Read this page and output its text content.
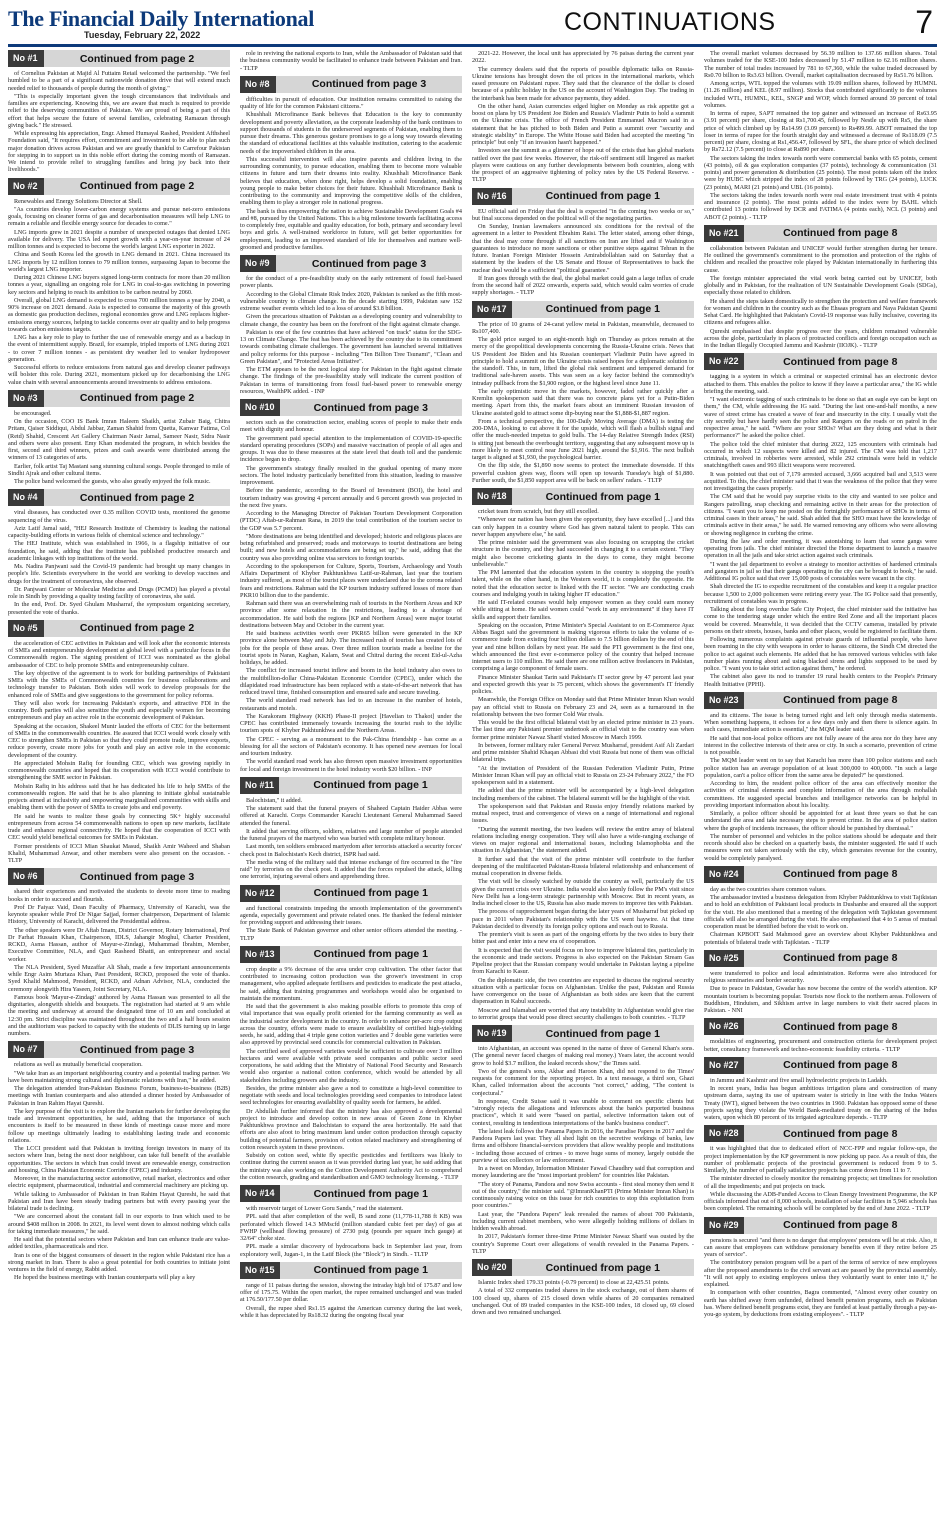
The Financial Daily International
Tuesday, February 22, 2022	CONTINUATIONS	7
No #1	Continued from page 2

of Cornelius Pakistan at Majid Al Futtaim Retail welcomed the partnership. "We feel humbled to be a part of a significant nationwide donation drive that will extend much needed relief to thousands of people during the month of giving."

"This is especially important given the tough circumstances that individuals and families are experiencing. Knowing this, we are aware that much is required to provide relief to the deserving communities of Pakistan. We are proud of being a part of this effort that helps secure the future of several families, celebrating Ramazan through giving back." He stressed.

While expressing his appreciation, Engr. Ahmed Humayal Rashed, President Afthsheel Foundation said, "It requires effort, commitment and investment to be able to plan such major donation drives across Pakistan and we are greatly thankful to Carrefour Pakistan for stepping in to support us in this noble effort during the coming month of Ramazan. We intend to provide relief to struggling families and bring joy back into their livelihoods."

No #2	Continued from page 2

Renewables and Energy Solutions Director at Shell.

"As countries develop lower-carbon energy systems and pursue net-zero emissions goals, focusing on cleaner forms of gas and decarbonisation measures will help LNG to remain a reliable and flexible energy source for decades to come."

LNG imports grew in 2021 despite a number of unexpected outages that denied LNG available for delivery. The USA led export growth with a year-on-year increase of 24 million tonnes and is expected to become the world's largest LNG exporter in 2022.

China and South Korea led the growth in LNG demand in 2021. China increased its LNG imports by 12 million tonnes to 79 million tonnes, surpassing Japan to become the world's largest LNG importer.

During 2021 Chinese LNG buyers signed long-term contracts for more than 20 million tonnes a year, signalling an ongoing role for LNG in coal-to-gas switching in powering key sectors and helping to reach its ambition to be carbon neutral by 2060.

Overall, global LNG demand is expected to cross 700 million tonnes a year by 2040, a 90% increase on 2021 demand. Asia is expected to consume the majority of this growth as domestic gas production declines, regional economies grow and LNG replaces higher-emissions energy sources, helping to tackle concerns over air quality and to help progress towards carbon emissions targets.

LNG has a key role to play to further the use of renewable energy and as a backup in the event of intermittent supply. Brazil, for example, tripled imports of LNG during 2021 - to cover 7 million tonnes - as persistent dry weather led to weaker hydropower generation.

Successful efforts to reduce emissions from natural gas and develop cleaner pathways will bolster this role. During 2021, momentum picked up for decarbonising the LNG value chain with several announcements around investments to address emissions.

No #3	Continued from page 2

be encouraged.

On the occasion, COO IS Bank Imran Haleem Shaikh, artist Zubair Baig, Chitra Pritam, Qaiser Siddiqui, Abdul Jabbar, Zaman Shahid from Quetta, Kanwar Fatima, Col (Retd) Shahid, Crescent Art Gallery Chairman Nasir Jamal, Sameer Nasir, Sidra Nasir and others were also present. Emy Khan moderated the program, in which besides the first, second and third winners, prizes and cash awards were distributed among the winners of 13 categories of arts.

Earlier, folk artist Taj Mastani sang stunning cultural songs. People thronged to mile of Sindhi Ajrak and other cultural items.

The police band welcomed the guests, who also greatly enjoyed the folk music.

No #4	Continued from page 2

viral diseases, has conducted over 0.35 million COVID tests, monitored the genome sequencing of the virus.

Aziz Latif Jamal said, "HEJ Research Institute of Chemistry is leading the national capacity-building efforts in various fields of chemical science and technology."

The HEJ Institute, which was established in 1966, is a flagship initiative of our foundation, he said, adding that the institute has published productive research and academic linkages with top institutions of the world.

Ms. Nadira Panjwani said the Covid-19 pandemic had brought up many changes in people's life. Scientists everywhere in the world are working to develop vaccines and drugs for the treatment of coronavirus, she observed.

Dr. Panjwani Center or Molecular Medicine and Drugs (PCMD) has played a pivotal role in Sindh by providing a quality testing facility of coronavirus, she said.

In the end, Prof. Dr. Syed Ghulam Musharraf, the symposium organizing secretary, presented the vote of thanks.

No #5	Continued from page 2

the acceleration of CEC activities in Pakistan and will look after the economic interests of SMEs and entrepreneurship development at global level with a particular focus in the Commonwealth region. The signing president of ICCI was nominated as the global ambassador of CEC to help promote SMEs and entrepreneurship culture.

The key objective of the agreement is to work for building partnerships of Pakistani SMEs with the SMEs of Commonwealth countries for business collaborations and technology transfer to Pakistan. Both sides will work to develop proposals for the enhanced role of SMEs and give suggestions to the government for policy reforms.

They will also work for increasing Pakistan's exports, and attractive FDI in the country. Both parties will also sensitize the youth and especially women for becoming entrepreneurs and play an active role in the economic development of Pakistan.

Speaking at the occasion, Shakeel Munir lauded the efforts of CEC for the betterment of SMEs in the commonwealth countries. He assured that ICCI would work closely with CEC to strengthen SMEs in Pakistan so that they could promote trade, improve exports, reduce poverty, create more jobs for youth and play an active role in the economic development of the country.

He appreciated Mohsin Rafiq for founding CEC, which was growing rapidly in commonwealth countries and hoped that its cooperation with ICCI would contribute to strengthening the SME sector in Pakistan.

Mohsin Rafiq in his address said that he has dedicated his life to help SMEs of the commonwealth region. He said that he is also planning to initiate global sustainable projects aimed at inclusivity and empowering marginalized communities with skills and enabling them with the power of SMEs to create jobs and end poverty.

He said he wants to realize these goals by connecting 5K+ highly successful entrepreneurs from across 54 commonwealth nations to open up new markets, facilitate trade and enhance regional connectivity. He hoped that the cooperation of ICCI with CEC would yield beneficial outcomes for SMEs in Pakistan.

Former presidents of ICCI Mian Shaukat Masud, Shaikh Amir Waheed and Shaban Khalid, Muhammad Anwar, and other members were also present on the occasion. - TLTP

No #6	Continued from page 3

shared their experiences and motivated the students to devote more time to reading books in order to succeed and flourish.

Prof Dr Faiyaz Vaid, Dean Faculty of Pharmacy, University of Karachi, was the keynote speaker while Prof Dr Nigar Sajjad, former chairperson, Department of Islamic History, University of Karachi, delivered the Presidential address.

The other speakers were Dr Aftab Imam, District Governor, Rotary International, Prof Dr Farhat Hussain Khan, Chairperson, IDLS, Jahangir Moghul, Charter President, RCKD, Asma Hassan, author of Mayur-e-Zindagi, Muhammad Ibrahim, Member, Executive Committee, NLA, and Qazi Rasheed Bhatti, an entrepreneur and social worker.

The NLA President, Syed Muzaffar Ali Shah, made a few important announcements while Engr Asim Murtaza Khan, Past President, RCKD, proposed the vote of thanks. Syed Khalid Mahmood, President, RCKD, and Adnan Advisor, NLA, conducted the ceremony alongwith Hira Yaseen, Joint Secretary, NLA.

Famous book 'Mayur-e-Zindagi' authored by Asma Hassan was presented to all the dignitaries, alongwith shields and bouquets. The registration had started at 9 am while the meeting and underway at around the designated time of 10 am and concluded at 12:30 pm. Strict discipline was maintained throughout the two and a half hours session and the auditorium was packed to capacity with the students of DLIS turning up in large numbers.

No #7	Continued from page 3

relations as well as mutually beneficial cooperation.

"We take Iran as an important neighbouring country and a potential trading partner. We have been maintaining strong cultural and diplomatic relations with Iran," he added.

The delegation attended Iran-Pakistan Business Forum, business-to-business (B2B) meetings with Iranian counterparts and also attended a dinner hosted by Ambassador of Pakistan in Iran Rahim Hayat Qureshi.

The key purpose of the visit is to explore the Iranian markets for further developing the trade and investment opportunities, he said, adding that the importance of such encounters is itself to be measured in these kinds of meetings cause more and more follow up meetings ultimately leading to establishing lasting trade and economic relations.

The LCCI president said that Pakistan is inviting foreign investors in many of its sectors where Iran, being the next door neighbour, can take full benefit of the available opportunities. The sectors in which Iran could invest are renewable energy, construction and housing, China Pakistan Economic Corridor (CPEC) and industry.

Moreover, in the manufacturing sector automotive, retail market, electronics and other electric equipment, pharmaceutical, industrial and commercial machinery are picking up.

While talking to Ambassador of Pakistan in Iran Rahim Hayat Qureshi, he said that Pakistan and Iran have been steady trading partners but with every passing year the bilateral trade is declining.

"We are concerned about the constant fall in our exports to Iran which used to be around $408 million in 2008. In 2021, its level went down to almost nothing which calls for taking immediate measures," he said.

He said that the potential sectors where Pakistan and Iran can enhance trade are value-added textiles, pharmaceuticals and rice.

Iran is one of the biggest consumers of dessert in the region while Pakistani rice has a strong market in Iran. There is also a great potential for both countries to initiate joint ventures in the field of energy, Rabbi added.

He hoped the business meetings with Iranian counterparts will play a key

role in reviving the national exports to Iran, while the Ambassador of Pakistan said that the business community would be facilitated to enhance trade between Pakistan and Iran. - TLTP

No #8	Continued from page 3

difficulties in pursuit of education. Our institution remains committed to raising the quality of life for the common Pakistani citizens."

Khushhali Microfinance Bank believes that Education is the key to community development and poverty alleviation, as the corporate leadership of the bank continues to support thousands of students in the underserved segments of Pakistan, enabling them to pursue their dreams. This generous gesture promises to go a long way towards elevating the standard of educational facilities at this valuable institution, catering to the academic needs of the impoverished children in the area.

This successful intervention will also inspire parents and children living in the surrounding community, to pursue education, enabling them to become more valuable citizens in future and turn their dreams into reality. Khushhali Microfinance Bank believes that education, when done right, helps develop a solid foundation, enabling young people to make better choices for their future. Khushhali Microfinance Bank is contributing to the community and improving the competitive skills of the children, enabling them to play a stronger role in national progress.

The bank is thus empowering the nation to achieve Sustainable Development Goals #4 and #8, pursued by the United Nations. This is a big milestone towards facilitating access to completely free, equitable and quality education, for both, primary and secondary level boys and girls. A well-trained workforce in future, will get better opportunities for employment, leading to an improved standard of life for themselves and nurture well-groomed and productive families.

No #9	Continued from page 3

for the conduct of a pre-feasibility study on the early retirement of fossil fuel-based power plants.

According to the Global Climate Risk Index 2020, Pakistan is ranked as the fifth most-vulnerable country to climate change. In the decade starting 1999, Pakistan saw 152 extreme weather events which led to a loss of around $3.8 billion.

Given the precarious situation of Pakistan as a developing country and vulnerability to climate change, the country has been on the forefront of the fight against climate change.

Pakistan is one of the few countries that have achieved "on track" status for the SDG-13 on Climate Change. The feat has been achieved by the country due to its commitment towards combating climate challenges. The government has launched several initiatives and policy reforms for this purpose - including "Ten Billion Tree Tsunami", "Clean and Green Pakistan", and "Protected Areas Initiative".

The ETM appears to be the next logical step for Pakistan in the fight against climate change. The findings of the pre-feasibility study will indicate the current position of Pakistan in terms of transitioning from fossil fuel-based power to renewable energy resources, WealthPK added. - INP

No #10	Continued from page 3

sectors such as the construction sector, enabling scores of people to make their ends meet with dignity and honour.

The government paid special attention to the implementation of COVID-19-specific standard operating procedures (SOPs) and massive vaccination of people of all ages and groups. It was due to these measures at the state level that death toll and the pandemic incidence began to drop.

The government's strategy finally resulted in the gradual opening of many more sectors. The hotel industry particularly benefitted from this situation, leading to massive improvement.

Before the pandemic, according to the Board of Investment (BOI), the hotel and tourism industry was growing 4 percent annually and 6 percent growth was projected in the next five years.

According to the Managing Director of Pakistan Tourism Development Corporation (PTDC) Aftab-ur-Rahman Rana, in 2019 the total contribution of the tourism sector to the GDP was 5.7 percent.

"More destinations are being identified and developed; historic and religious places are being refurbished and preserved; roads and motorways to tourist destinations are being built; and new hotels and accommodations are being set up," he said, adding that the country was also providing online visa services to foreign tourists.

According to the spokesperson for Culture, Sports, Tourism, Archaeology and Youth Affairs Department of Khyber Pakhtunkhwa Latif-ur-Rahman, last year the tourism industry suffered, as most of the tourist places were undeclared due to the corona related fears and restrictions. Rahman said the KP tourism industry suffered losses of more than PKR10 billion due to the pandemic.

Rahman said there was an overwhelming rush of tourists in the Northern Areas and KP province after some relaxation in the restrictions, leading to a shortage of accommodation. He said both the regions [KP and Northern Areas] were major tourist destinations between May and October in the current year.

He said business activities worth over PKR65 billion were generated in the KP province alone between May and July. The increased rush of tourists has created lots of jobs for the people of these areas. Over three million tourists made a beeline for the tourist spots in Naran, Kaghan, Kalam, Swat and Chitral during the recent Eid-ul-Azha holidays, he added.

The conflict for increased tourist inflow and boom in the hotel industry also owes to the multibillion-dollar China-Pakistan Economic Corridor (CPEC), under which the dilapidated road infrastructure has been replaced with a state-of-the-art network that has reduced travel time, finished consumption and ensured safe and secure traveling.

The world standard road network has led to an increase in the number of hotels, restaurants and motels.

The Karakoram Highway (KKH) Phase-II project [Havelian to Thakot] under the CPEC has contributed immensely towards increasing the tourist rush to the idyllic tourism spots of Khyber Pakhtunkhwa and the Northern Areas.

The CPEC - serving as a monument to the Pak-China friendship - has come as a blessing for all the sectors of Pakistan's economy. It has opened new avenues for local and tourism industry.

The world standard road work has also thrown open massive investment opportunities for local and foreign investment in the hotel industry worth $20 billion. - INP

No #11	Continued from page 1

Balochistan," it added.

The statement said that the funeral prayers of Shaheed Captain Haider Abbas were offered at Karachi. Corps Commander Karachi Lieutenant General Muhammad Saeed attended the funeral.

It added that serving officers, soldiers, relatives and large number of people attended the funeral prayers of the martyred who was buried with complete military honour.

Last month, ten soldiers embraced martyrdom after terrorists attacked a security forces' check post in Balochistan's Kech district, ISPR had said.

The media wing of the military said that intense exchange of fire occurred in the "fire raid" by terrorists on the check post. It added that the forces repulsed the attack, killing one terrorist, injuring several others and apprehending three.

No #12	Continued from page 1

and functional constraints impeding the smooth implementation of the government's agenda, especially government and private related ones. He thanked the federal minister for providing support and addressing their issues.

The State Bank of Pakistan governor and other senior officers attended the meeting. - TLTP

No #13	Continued from page 1

crop despite a 9% decrease of the area under crop cultivation. The other factor that contributed to increasing cotton production was the grower's investment in crop management, who applied adequate fertilisers and pesticides to eradicate the pest attacks, he said, adding that training programmes and workshops would also be organised to maintain the momentum.

He said that the government is also making possible efforts to promote this crop of vital importance that was equally profit oriented for the farming community as well as the industrial sector development in the country. In order to enhance per-acre crop output across the country, efforts were made to ensure availability of certified high-yielding seeds, he said, adding that 4 triple gene cotton varieties and 7 double gene varieties were also approved by provincial seed councils for commercial cultivation in Pakistan.

The certified seed of approved varieties would be sufficient to cultivate over 3 million hectares and were available with private seed companies and public sector seed corporations, he said adding that the Ministry of National Food Security and Research would also organise a national cotton conference, which would be attended by all stakeholders including growers and the industry.

Besides, the prime minister also gave a nod to constitute a high-level committee to negotiate with seeds and local technologies providing seed companies to introduce latest seed technologies for ensuring availability of quality seeds for farmers, he added.

Dr Abdullah further informed that the ministry has also approved a developmental project to introduce and develop cotton in new areas of Green Zone in Khyber Pakhtunkhwa province and Balochistan to expand the area horizontally. He said that efforts are also afoot to bring maximum land under cotton production through capacity building of potential farmers, provision of cotton related machinery and strengthening of cotton research system in these provinces.

Subsidy on cotton seed, white fly specific pesticides and fertilizers was likely to continue during the current season as it was provided during last year, he said adding that the ministry was also working on the Cotton Development Authority Act to comprehend the cotton research, grading and standardisation and GMO technology licensing. - TLTP

No #14	Continued from page 1

with reservoir target of Lower Goru Sands," read the statement.

PPL said that after completion of the well, B sand zone (11,778-11,788 ft KB) was perforated which flowed 14.3 MMscfd (million standard cubic feet per day) of gas at FWHP (wellhead flowing pressure) of 2730 psig (pounds per square inch gauge) at 32/64" choke size.

PPL made a similar discovery of hydrocarbons back in September last year, from exploratory well, Jugan-1, in the Latif Block (the "Block") in Sindh. - TLTP

No #15	Continued from page 1

range of 11 paisas during the session, showing the intraday high bid of 175.87 and low offer of 175.75. Within the open market, the rupee remained unchanged and was traded at 176.50/177.50 per dollar.

Overall, the rupee shed Rs1.15 against the American currency during the last week, while it has depreciated by Rs18.32 during the ongoing fiscal year

2021-22. However, the local unit has appreciated by 76 paisas during the current year 2022.

The currency dealers said that the reports of possible diplomatic talks on Russia-Ukraine tensions has brought down the oil prices in the international markets, which eased pressure on Pakistani rupee. They said that the clearance of the dollar is closed because of a public holiday in the US on the account of Washington Day. The trading in the interbank has been made for advance payments, they added.

On the other hand, Asian currencies edged higher on Monday as risk appetite got a boost on plans by US President Joe Biden and Russia's Vladimir Putin to hold a summit on the Ukraine crisis. The office of French President Emmanuel Macron said in a statement that he has pitched to both Biden and Putin a summit over "security and strategic stability" in Europe. The White House said Biden had accepted the meeting "in principle" but only "if an invasion hasn't happened."

Investors see the summit as a glimmer of hope out of the crisis that has global markets rattled over the past few weeks. However, the risk-off sentiment still lingered as market players were cautious on any further developments between both countries, along with the prospect of an aggressive tightening of policy rates by the US Federal Reserve. - TLTP

No #16	Continued from page 1

EU official said on Friday that the deal is expected "in the coming two weeks or so," but final success depended on the political will of the negotiating parties.

On Sunday, Iranian lawmakers announced six conditions for the revival of the agreement in a letter to President Ebrahim Raisi. The letter stated, among other things, that the deal may come through if all sanctions on Iran are lifted and if Washington guarantees to introduce no more sanctions or other punitive steps against Tehran in the future. Iranian Foreign Minister Hossein Amirabdollahian said on Saturday that a statement by the leaders of the US Senate and House of Representatives to back the nuclear deal would be a sufficient "political guarantee."

If Iran goes through with the deal, the global market could gain a large influx of crude from the second half of 2022 onwards, experts said, which would calm worries of crude supply shortages. - TLTP

No #17	Continued from page 1

The price of 10 grams of 24-carat yellow metal in Pakistan, meanwhile, decreased to Rs107,400.

The gold price surged to an eight-month high on Thursday as prices remain at the mercy of the geopolitical developments concerning the Russia-Ukraine crisis. News that US President Joe Biden and his Russian counterpart Vladimir Putin have agreed in principle to hold a summit on the Ukraine crisis raised hopes for a diplomatic solution to the standoff. This, in turn, lifted the global risk sentiment and tempered demand for traditional safe-haven assets. This was seen as a key factor behind the commodity's intraday pullback from the $1,900 region, or the highest level since June 11.

The early optimistic move in the markets, however, faded rather quickly after a Kremlin spokesperson said that there was no concrete plans yet for a Putin-Biden meeting. Apart from this, the market fears about an imminent Russian invasion of Ukraine assisted gold to attract some dip-buying near the $1,888-$1,887 region.

From a technical perspective, the 100-Daily Moving Average (DMA) is testing the 200-DMA, looking to cut above it for the upside, which will flash a bullish signal and offer the much-needed impetus to gold bulls. The 14-day Relative Strength Index (RSI) is sitting just beneath the overbought territory, suggesting that any subsequent move up is more likely to meet control near June 2021 high, around the $1,916. The next bullish target is aligned at $1,930, the psychological barrier.

On the flip side, the $1,890 now seems to protect the immediate downside. If this powerful cushion gives way, floors will open up towards Tuesday's high of $1,880. Further south, the $1,850 support area will be back on sellers' radars. - TLTP

No #18	Continued from page 1

cricket team from scratch, but they still excelled.

"Whenever our nation has been given the opportunity, they have excelled [...] and this can only happen in a country where God has given natural talent to people. This can never happen anywhere else," he said.

The prime minister said the government was also focusing on scrapping the cricket structure in the country, and they had succeeded in changing it to a certain extent. "They might also become cricketing giants in the days to come, they might become unbelievable."

The PM lamented that the education system in the country is stopping the youth's talent, while on the other hand, in the Western world, it is completely the opposite. He noted that the education sector is linked with the IT sector. "We are conducting crash courses and indulging youth in taking higher IT education."

He said IT-related courses would help empower women as they could earn money while sitting at home. He said women could "work in any environment" if they have IT skills and support their families.

Speaking on the occasion, Prime Minister's Special Assistant to on E-Commerce Ayaz Abbas Bagzi said the government is making vigorous efforts to take the volume of e-commerce trade from existing four billion dollars to 7.5 billion dollars by the end of this year and nine billion dollars by next year. He said the PTI government is the first one, which announced the first ever e-commerce policy of the country that helped increase internet users to 110 million. He said there are one million active freelancers in Pakistan, comprising a large component of female users.

Finance Minister Shaukat Tarin said Pakistan's IT sector grew by 47 percent last year and expected growth this year is 75 percent, which shows the government's IT friendly policies.

Meanwhile, the Foreign Office on Monday said that Prime Minister Imran Khan would pay an official visit to Russia on February 23 and 24, seen as a turnaround in the relationship between the two former Cold War rivals.

This would be the first official bilateral visit by an elected prime minister in 23 years. The last time any Pakistani premier undertook an official visit to the country was when former prime minister Nawaz Sharif visited Moscow in March 1999.

In between, former military ruler General Pervez Musharraf, president Asif Ali Zardari and prime minister Shahid Khaqan Abbasi did visit Russia but none of them was official bilateral trips.

"At the invitation of President of the Russian Federation Vladimir Putin, Prime Minister Imran Khan will pay an official visit to Russia on 23-24 February 2022," the FO spokesperson said in a statement.

He added that the prime minister will be accompanied by a high-level delegation including members of the cabinet. The bilateral summit will be the highlight of the visit.

The spokesperson said that Pakistan and Russia enjoy friendly relations marked by mutual respect, trust and convergence of views on a range of international and regional issues.

"During the summit meeting, the two leaders will review the entire array of bilateral relations including energy cooperation. They will also have a wide-ranging exchange of views on major regional and international issues, including Islamophobia and the situation in Afghanistan," the statement added.

It further said that the visit of the prime minister will contribute to the further deepening of the multifaceted Pakistan-Russia bilateral relationship and enhancement of mutual cooperation in diverse fields.

The visit will be closely watched by outside the country as well, particularly the US given the current crisis over Ukraine. India would also keenly follow the PM's visit since New Delhi has a long-term strategic partnership with Moscow. But in recent years, as India inched closer to the US, Russia has also made moves to improve ties with Pakistan.

The process of rapprochement began during the later years of Musharraf but picked up pace in 2011 when Pakistan's relationship with the US went haywire. At that time Pakistan decided to diversify its foreign policy options and reach out to Russia.

The premier's visit is seen as part of the ongoing efforts by the two sides to bury their bitter past and enter into a new era of cooperation.

It is expected that the visit would focus on how to improve bilateral ties, particularly in the economic and trade sectors. Progress is also expected on the Pakistan Stream Gas Pipeline project that the Russian company would undertake in Pakistan laying a pipeline from Karachi to Kasur.

On the diplomatic side, the two countries are expected to discuss the regional security situation with a particular focus on Afghanistan. Unlike the past, Pakistan and Russia have convergence on the issue of Afghanistan as both sides are keen that the current dispensation in Kabul succeeds.

Moscow and Islamabad are worried that any instability in Afghanistan would give rise to terrorist groups that would pose direct security challenges to both countries. - TLTP

No #19	Continued from page 1

into Afghanistan, an account was opened in the name of three of General Khan's sons. (The general never faced charges of making real money.) Years later, the account would grow to hold $3.7 million, the leaked records show," the Times said.

Two of the general's sons, Akbar and Haroon Khan, did not respond to the Times' requests for comment for the reporting project. In a text message, a third son, Ghazi Khan, called information about the accounts "not correct," adding, "The content is conjectural."

In response, Credit Suisse said it was unable to comment on specific clients but "strongly rejects the allegations and inferences about the bank's purported business practices", which it said were "based on partial, selective information taken out of context, resulting in tendentious interpretations of the bank's business conduct".

The latest leak follows the Panama Papers in 2016, the Paradise Papers in 2017 and the Pandora Papers last year. They all shed light on the secretive workings of banks, law firms and offshore financial-services providers that allow wealthy people and institutions - including those accused of crimes - to move huge sums of money, largely outside the purview of tax collectors or law enforcement.

In a tweet on Monday, Information Minister Fawad Chaudhry said that corruption and money laundering are the "most important problem" for countries like Pakistan.

"The story of Panama, Pandora and now Swiss accounts - first steal money then send it out of the country," the minister said. "@ImranKhanPTI (Prime Minister Imran Khan) is continuously raising voice on this issue for rich countries to stop this exploitation from poor countries."

Last year, the "Pandora Papers" leak revealed the names of about 700 Pakistanis, including current cabinet members, who were allegedly holding millions of dollars in hidden wealth abroad.

In 2017, Pakistan's former three-time Prime Minister Nawaz Sharif was ousted by the country's Supreme Court over allegations of wealth revealed in the Panama Papers. - TLTP

No #20	Continued from page 1

Islamic Index shed 179.33 points (-0.79 percent) to close at 22,425.51 points.

A total of 332 companies traded shares in the stock exchange, out of them shares of 100 closed up, shares of 215 closed down while shares of 20 companies remained unchanged. Out of 89 traded companies in the KSE-100 index, 18 closed up, 69 closed down and two remained unchanged.

The overall market volumes decreased by 56.39 million to 137.66 million shares. Total volumes traded for the KSE-100 Index decreased by 51.47 million to 62.16 million shares. The number of total trades increased by 781 to 67,360, while the value traded decreased by Rs0.70 billion to Rs3.63 billion. Overall, market capitalisation decreased by Rs51.76 billion.

Among scrips, WTL topped the volumes with 19.09 million shares, followed by HUMNL (11.26 million) and KEL (8.97 million). Stocks that contributed significantly to the volumes included WTL, HUMNL, KEL, SNGP and WOP, which formed around 39 percent of total volumes.

In terms of rupee, SAPT remained the top gainer and witnessed an increase of Rs63.95 (3.91 percent) per share, closing at Rs1,700.45, followed by Nestle up with Rs5, the share price of which climbed up by Rs14.99 (3.09 percent) to Rs499.99. ABOT remained the top loser in terms of rupee for the fourth straight day and witnessed a decrease of Rs118.09 (7.5 percent) per share, closing at Rs1,456.47, followed by SFL, the share price of which declined by Rs72.12 (7.5 percent) to close at Rs890 per share.

The sectors taking the index towards north were commercial banks with 65 points, cement (43 points), oil & gas exploration companies (37 points), technology & communication (31 points) and power generation & distribution (25 points). The most points taken off the index were by HUBC which stripped the index of 28 points followed by TRG (24 points), LUCK (23 points), MARI (21 points) and UBL (16 points).

The sectors taking the index towards north were real estate investment trust with 4 points and insurance (2 points). The most points added to the index were by BAHL which contributed 13 points followed by DCR and FATIMA (4 points each), NCL (3 points) and ABOT (2 points). - TLTP

No #21	Continued from page 8

collaboration between Pakistan and UNICEF would further strengthen during her tenure. He outlined the government's commitment to the promotion and protection of the rights of children and recalled the proactive role played by Pakistan internationally in furthering this cause.

The foreign minister appreciated the vital work being carried out by UNICEF, both globally and in Pakistan, for the realization of UN Sustainable Development Goals (SDGs), especially those related to children.

He shared the steps taken domestically to strengthen the protection and welfare framework for women and children in the country such as the Ehsaas program and Naya Pakistan Qaumi Sehat Card. He highlighted that Pakistan's Covid-19 response was fully inclusive, covering its citizens and refugees alike.

Qureshi emphasised that despite progress over the years, children remained vulnerable across the globe, particularly in places of protracted conflicts and foreign occupation such as in the Indian Illegally Occupied Jammu and Kashmir (IIOJK). - TLTP

No #22	Continued from page 8

tagging is a system in which a criminal or suspected criminal has an electronic device attached to them. This enables the police to know if they leave a particular area," the IG while briefing the meeting, said.

"I want electronic tagging of such criminals to be done so that an eagle eye can be kept on them," the CM, while addressing the IG said. "During the last one-and-half months, a new wave of street crime has created a wave of fear and insecurity in the city. I usually visit the city secretly but have hardly seen the police and Rangers on the roads or on patrol in the respective areas," he said. "Where are your SHOs? What are they doing and what is their performance?" he asked the police chief.

The police told the chief minister that during 2022, 125 encounters with criminals had occurred in which 12 suspects were killed and 82 injured. The CM was told that 1,217 criminals, involved in robberies were arrested, while 292 criminals were held in vehicle snatching/theft cases and 993 illicit weapons were recovered.

It was pointed out that out of 7,179 arrested accused, 3,666 acquired bail and 3,513 were acquitted. To this, the chief minister said that it was the weakness of the police that they were not investigating the cases properly.

The CM said that he would pay surprise visits to the city and wanted to see police and Rangers patrolling, snap checking and remaining active in their areas for the protection of citizens. "I want you to keep me posted on the fortnightly performance of SHOs in terms of criminal cases in their areas," he said. Shah added that the SHO must have the knowledge of criminals active in their areas," he said. He warned removing any officers who were allowing or showing negligence in curbing the crime.

During the law and order meeting, it was astonishing to learn that some gangs were operating from jails. The chief minister directed the Home department to launch a massive operation in all the jails and take strict action against such criminals.

"I want the jail department to evolve a strategy to monitor activities of hardened criminals and gangsters in jail so that their gangs operating in the city can be brought to book," he said. Additional IG police said that over 15,000 posts of constables were vacant in the city.

Shah directed the IG to expedite recruitment of the constables and keep it a regular practice because 1,500 to 2,000 policemen were retiring every year. The IG Police said that presently, recruitment of constables was in progress.

Talking about the long overdue Safe City Project, the chief minister said the initiative has come to the tendering stage under which the entire Red Zone and all the important places would be covered. Meanwhile, it was decided that the CCTV cameras, installed by private persons on their streets, houses, banks and other places, would be registered to facilitate them.

Following numerous complaints against private guards of influential people, who have been roaming in the city with weapons in order to harass citizens, the Sindh CM directed the police to act against such elements. He added that he has removed various vehicles with fake number plates running about and using blacked sirens and lights supposed to be used by police. "I want you to take strict action against them," he ordered.

The cabinet also gave its nod to transfer 19 rural health centers to the People's Primary Health Initiative (PPHI).

No #23	Continued from page 8

and its citizens. The issue is being turned right and left only through media statements. When something happens, it echoes for a few days only and then there is silence again. In such cases, immediate action is essential," the MQM leader said.

He said that non-local police officers are not fully aware of the area nor do they have any interest in the collective interests of their area or city. In such a scenario, prevention of crime is not possible.

The MQM leader went on to say that Karachi has more than 100 police stations and each police station has an average population of at least 300,000 to 400,000. "In such a large population, can't a police officer from the same area be deputed?" he questioned.

According to him, the resident police officer of the area can effectively monitor the activities of criminal elements and complete information of the area through mohallah committees. He suggested special branches and intelligence networks can be helpful in providing important information about his locality.

Similarly, a police officer should be appointed for at least three years so that he can understand the area and take necessary steps to prevent crime. In the area of police station where the graph of incidents increases, the officer should be punished by dismissal."

The number of personnel and vehicles in the police stations should be adequate and their records should also be checked on a quarterly basis, the minister suggested. He said if such measures were not taken seriously with the city, which generates revenue for the country, would be completely paralysed.

No #24	Continued from page 8

day as the two countries share common values.

The ambassador invited a business delegation from Khyber Pakhtunkhwa to visit Tajikistan and to hold an exhibition of Pakistani local products in Dushanbe and ensured all the support for the visit. He also mentioned that a meeting of the delegation with Tajikistan government officials will also be arranged during the visit. He also emphasised that 4 to 5 areas of mutual cooperation must be identified before the visit to work on.

Chairman KPBOIT Said Mahmood gave an overview about Khyber Pakhtunkhwa and potentials of bilateral trade with Tajikistan. - TLTP

No #25	Continued from page 8

were transferred to police and local administration. Reforms were also introduced for religious seminaries and border security.

Due to peace in Pakistan, Gwadar has now become the centre of the world's attention. KP mountain tourism is becoming popular. Tourists now flock to the northern areas. Followers of Buddhism, Hinduism, and Sikhism arrive in large numbers to visit their sacred places in Pakistan. - NNI

No #26	Continued from page 8

modalities of engineering, procurement and construction criteria for development project better, consultancy framework and techno-economic feasibility criteria. - TLTP

No #27	Continued from page 8

in Jammu and Kashmir and five small hydroelectric projects in Ladakh.

In recent years, India has begun ambitious irrigation plans and construction of many upstream dams, saying its use of upstream water is strictly in line with the Indus Waters Treaty (IWT), signed between the two countries in 1960. Pakistan has opposed some of these projects saying they violate the World Bank-mediated treaty on the sharing of the Indus waters, upon which 80 percent of its irrigated agriculture depends. - TLTP

No #28	Continued from page 8

it was highlighted that due to dedicated effort of NCC-FPP and regular follow-ups, the project implementation by the KP government is now picking up pace. As a result of this, the number of problematic projects of the provincial government is reduced from 9 to 5. Similarly, the number of partially satisfactory projects has come down from 11 to 7.

The minister directed to closely monitor the remaining projects; set timelines for resolution of all the impediments; and put projects on track.

While discussing the ADB-Funded Access to Clean Energy Investment Programme, the KP officials informed that out of 8,000 schools, installation of solar facilities in 5,946 schools has been completed. The remaining schools will be completed by the end of June 2022. - TLTP

No #29	Continued from page 8

pensions is secured "and there is no danger that employees' pensions will be at risk. Also, it can assure that employees can withdraw pensionary benefits even if they retire before 25 years of service".

The contributory pension program will be a part of the terms of service of new employees after the proposed amendments to the civil servant act are passed by the provincial assembly. "It will not apply to existing employees unless they voluntarily want to enter into it," he explained.

In comparison with other countries, Bagra commented, "Almost every other country on earth has shifted away from unfunded, defined benefit pension programs, such as Pakistan has. Where defined benefit programs exist, they are funded at least partially through a pay-as-you-go system, by deductions from existing employees". - TLTP
